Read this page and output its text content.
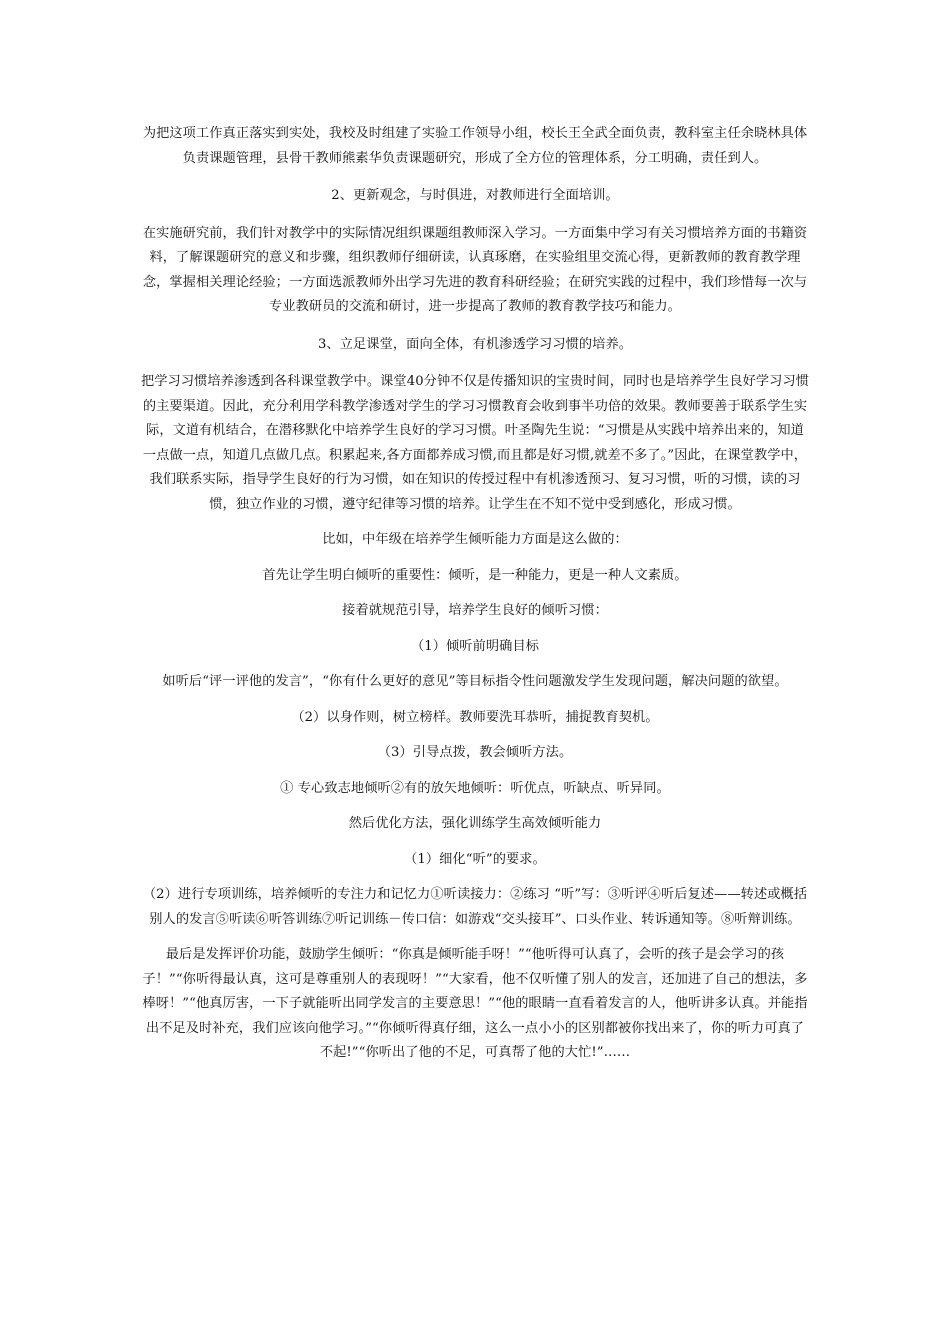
为把这项工作真正落实到实处，我校及时组建了实验工作领导小组，校长王全武全面负责，教科室主任余晓林具体负责课题管理，县骨干教师熊素华负责课题研究，形成了全方位的管理体系，分工明确，责任到人。

2、更新观念，与时俱进，对教师进行全面培训。

在实施研究前，我们针对教学中的实际情况组织课题组教师深入学习。一方面集中学习有关习惯培养方面的书籍资料，了解课题研究的意义和步骤，组织教师仔细研读，认真琢磨，在实验组里交流心得，更新教师的教育教学理念，掌握相关理论经验；一方面选派教师外出学习先进的教育科研经验；在研究实践的过程中，我们珍惜每一次与专业教研员的交流和研讨，进一步提高了教师的教育教学技巧和能力。

3、立足课堂，面向全体，有机渗透学习习惯的培养。

把学习习惯培养渗透到各科课堂教学中。课堂40分钟不仅是传播知识的宝贵时间，同时也是培养学生良好学习习惯的主要渠道。因此，充分利用学科教学渗透对学生的学习习惯教育会收到事半功倍的效果。教师要善于联系学生实际，文道有机结合，在潜移默化中培养学生良好的学习习惯。叶圣陶先生说：“习惯是从实践中培养出来的，知道一点做一点，知道几点做几点。积累起来,各方面都养成习惯,而且都是好习惯,就差不多了。”因此，在课堂教学中，我们联系实际，指导学生良好的行为习惯，如在知识的传授过程中有机渗透预习、复习习惯，听的习惯，读的习惯，独立作业的习惯，遵守纪律等习惯的培养。让学生在不知不觉中受到感化，形成习惯。

比如，中年级在培养学生倾听能力方面是这么做的：

首先让学生明白倾听的重要性：倾听，是一种能力，更是一种人文素质。

接着就规范引导，培养学生良好的倾听习惯：

（1）倾听前明确目标

如听后“评一评他的发言”，“你有什么更好的意见”等目标指令性问题激发学生发现问题，解决问题的欲望。

（2）以身作则，树立榜样。教师要洗耳恭听，捕捉教育契机。

（3）引导点拨，教会倾听方法。

① 专心致志地倾听②有的放矢地倾听：听优点，听缺点、听异同。

然后优化方法，强化训练学生高效倾听能力

（1）细化“听”的要求。

（2）进行专项训练，培养倾听的专注力和记忆力①听读接力：②练习 “听”写：③听评④听后复述——转述或概括别人的发言⑤听读⑥听答训练⑦听记训练－传口信：如游戏“交头接耳”、口头作业、转诉通知等。⑧听辩训练。

最后是发挥评价功能，鼓励学生倾听：“你真是倾听能手呀！”“他听得可认真了，会听的孩子是会学习的孩子！”“你听得最认真，这可是尊重别人的表现呀！”“大家看，他不仅听懂了别人的发言，还加进了自己的想法，多棒呀！”“他真厉害，一下子就能听出同学发言的主要意思！”“他的眼睛一直看着发言的人，他听讲多认真。并能指出不足及时补充，我们应该向他学习。”“你倾听得真仔细，这么一点小小的区别都被你找出来了，你的听力可真了不起!”“你听出了他的不足，可真帮了他的大忙!”……
